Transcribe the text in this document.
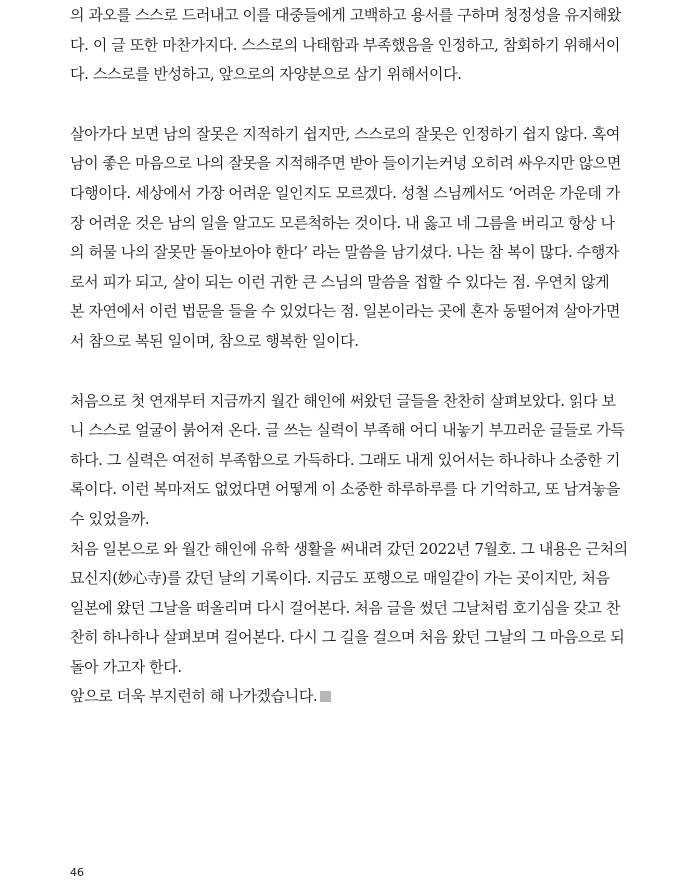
의 과오를 스스로 드러내고 이를 대중들에게 고백하고 용서를 구하며 청정성을 유지해왔
다. 이 글 또한 마찬가지다. 스스로의 나태함과 부족했음을 인정하고, 참회하기 위해서이
다. 스스로를 반성하고, 앞으로의 자양분으로 삼기 위해서이다.
살아가다 보면 남의 잘못은 지적하기 쉽지만, 스스로의 잘못은 인정하기 쉽지 않다. 혹여
남이 좋은 마음으로 나의 잘못을 지적해주면 받아 들이기는커녕 오히려 싸우지만 않으면
다행이다. 세상에서 가장 어려운 일인지도 모르겠다. 성철 스님께서도 ‘어려운 가운데 가
장 어려운 것은 남의 일을 알고도 모른척하는 것이다. 내 옳고 네 그름을 버리고 항상 나
의 허물 나의 잘못만 돌아보아야 한다’ 라는 말씀을 남기셨다. 나는 참 복이 많다. 수행자
로서 피가 되고, 살이 되는 이런 귀한 큰 스님의 말씀을 접할 수 있다는 점. 우연치 않게
본 자연에서 이런 법문을 들을 수 있었다는 점. 일본이라는 곳에 혼자 동떨어져 살아가면
서 참으로 복된 일이며, 참으로 행복한 일이다.
처음으로 첫 연재부터 지금까지 월간 해인에 써왔던 글들을 찬찬히 살펴보았다. 읽다 보
니 스스로 얼굴이 붉어져 온다. 글 쓰는 실력이 부족해 어디 내놓기 부끄러운 글들로 가득
하다. 그 실력은 여전히 부족함으로 가득하다. 그래도 내게 있어서는 하나하나 소중한 기
록이다. 이런 복마저도 없었다면 어떻게 이 소중한 하루하루를 다 기억하고, 또 남겨놓을
수 있었을까.
처음 일본으로 와 월간 해인에 유학 생활을 써내려 갔던 2022년 7월호. 그 내용은 근처의
묘신지(妙心寺)를 갔던 날의 기록이다. 지금도 포행으로 매일같이 가는 곳이지만, 처음
일본에 왔던 그날을 떠올리며 다시 걸어본다. 처음 글을 썼던 그날처럼 호기심을 갖고 찬
찬히 하나하나 살펴보며 걸어본다. 다시 그 길을 걸으며 처음 왔던 그날의 그 마음으로 되
돌아 가고자 한다.
앞으로 더욱 부지런히 해 나가겠습니다.
46
